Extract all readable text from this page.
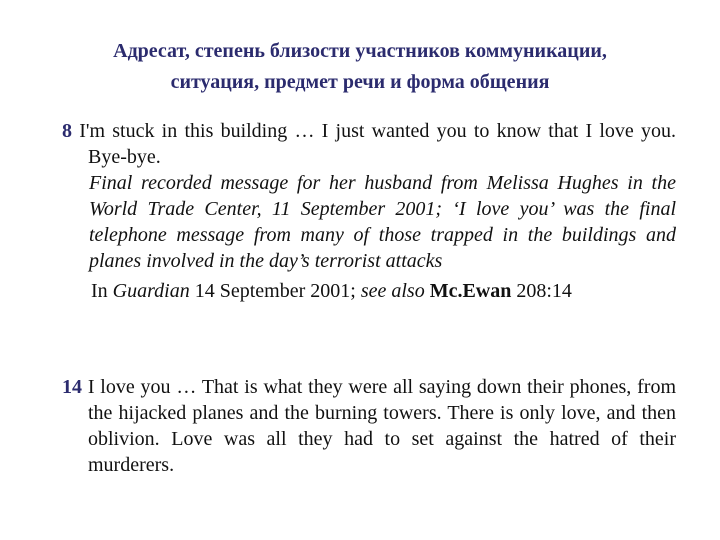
Адресат, степень близости участников коммуникации,
ситуация, предмет речи и форма общения
8 I'm stuck in this building … I just wanted you to know that I love you. Bye-bye.
Final recorded message for her husband from Melissa Hughes in the World Trade Center, 11 September 2001; ‘I love you’ was the final telephone message from many of those trapped in the buildings and planes involved in the day’s terrorist attacks
In Guardian 14 September 2001; see also Mc.Ewan 208:14
14 I love you … That is what they were all saying down their phones, from the hijacked planes and the burning towers. There is only love, and then oblivion. Love was all they had to set against the hatred of their murderers.
